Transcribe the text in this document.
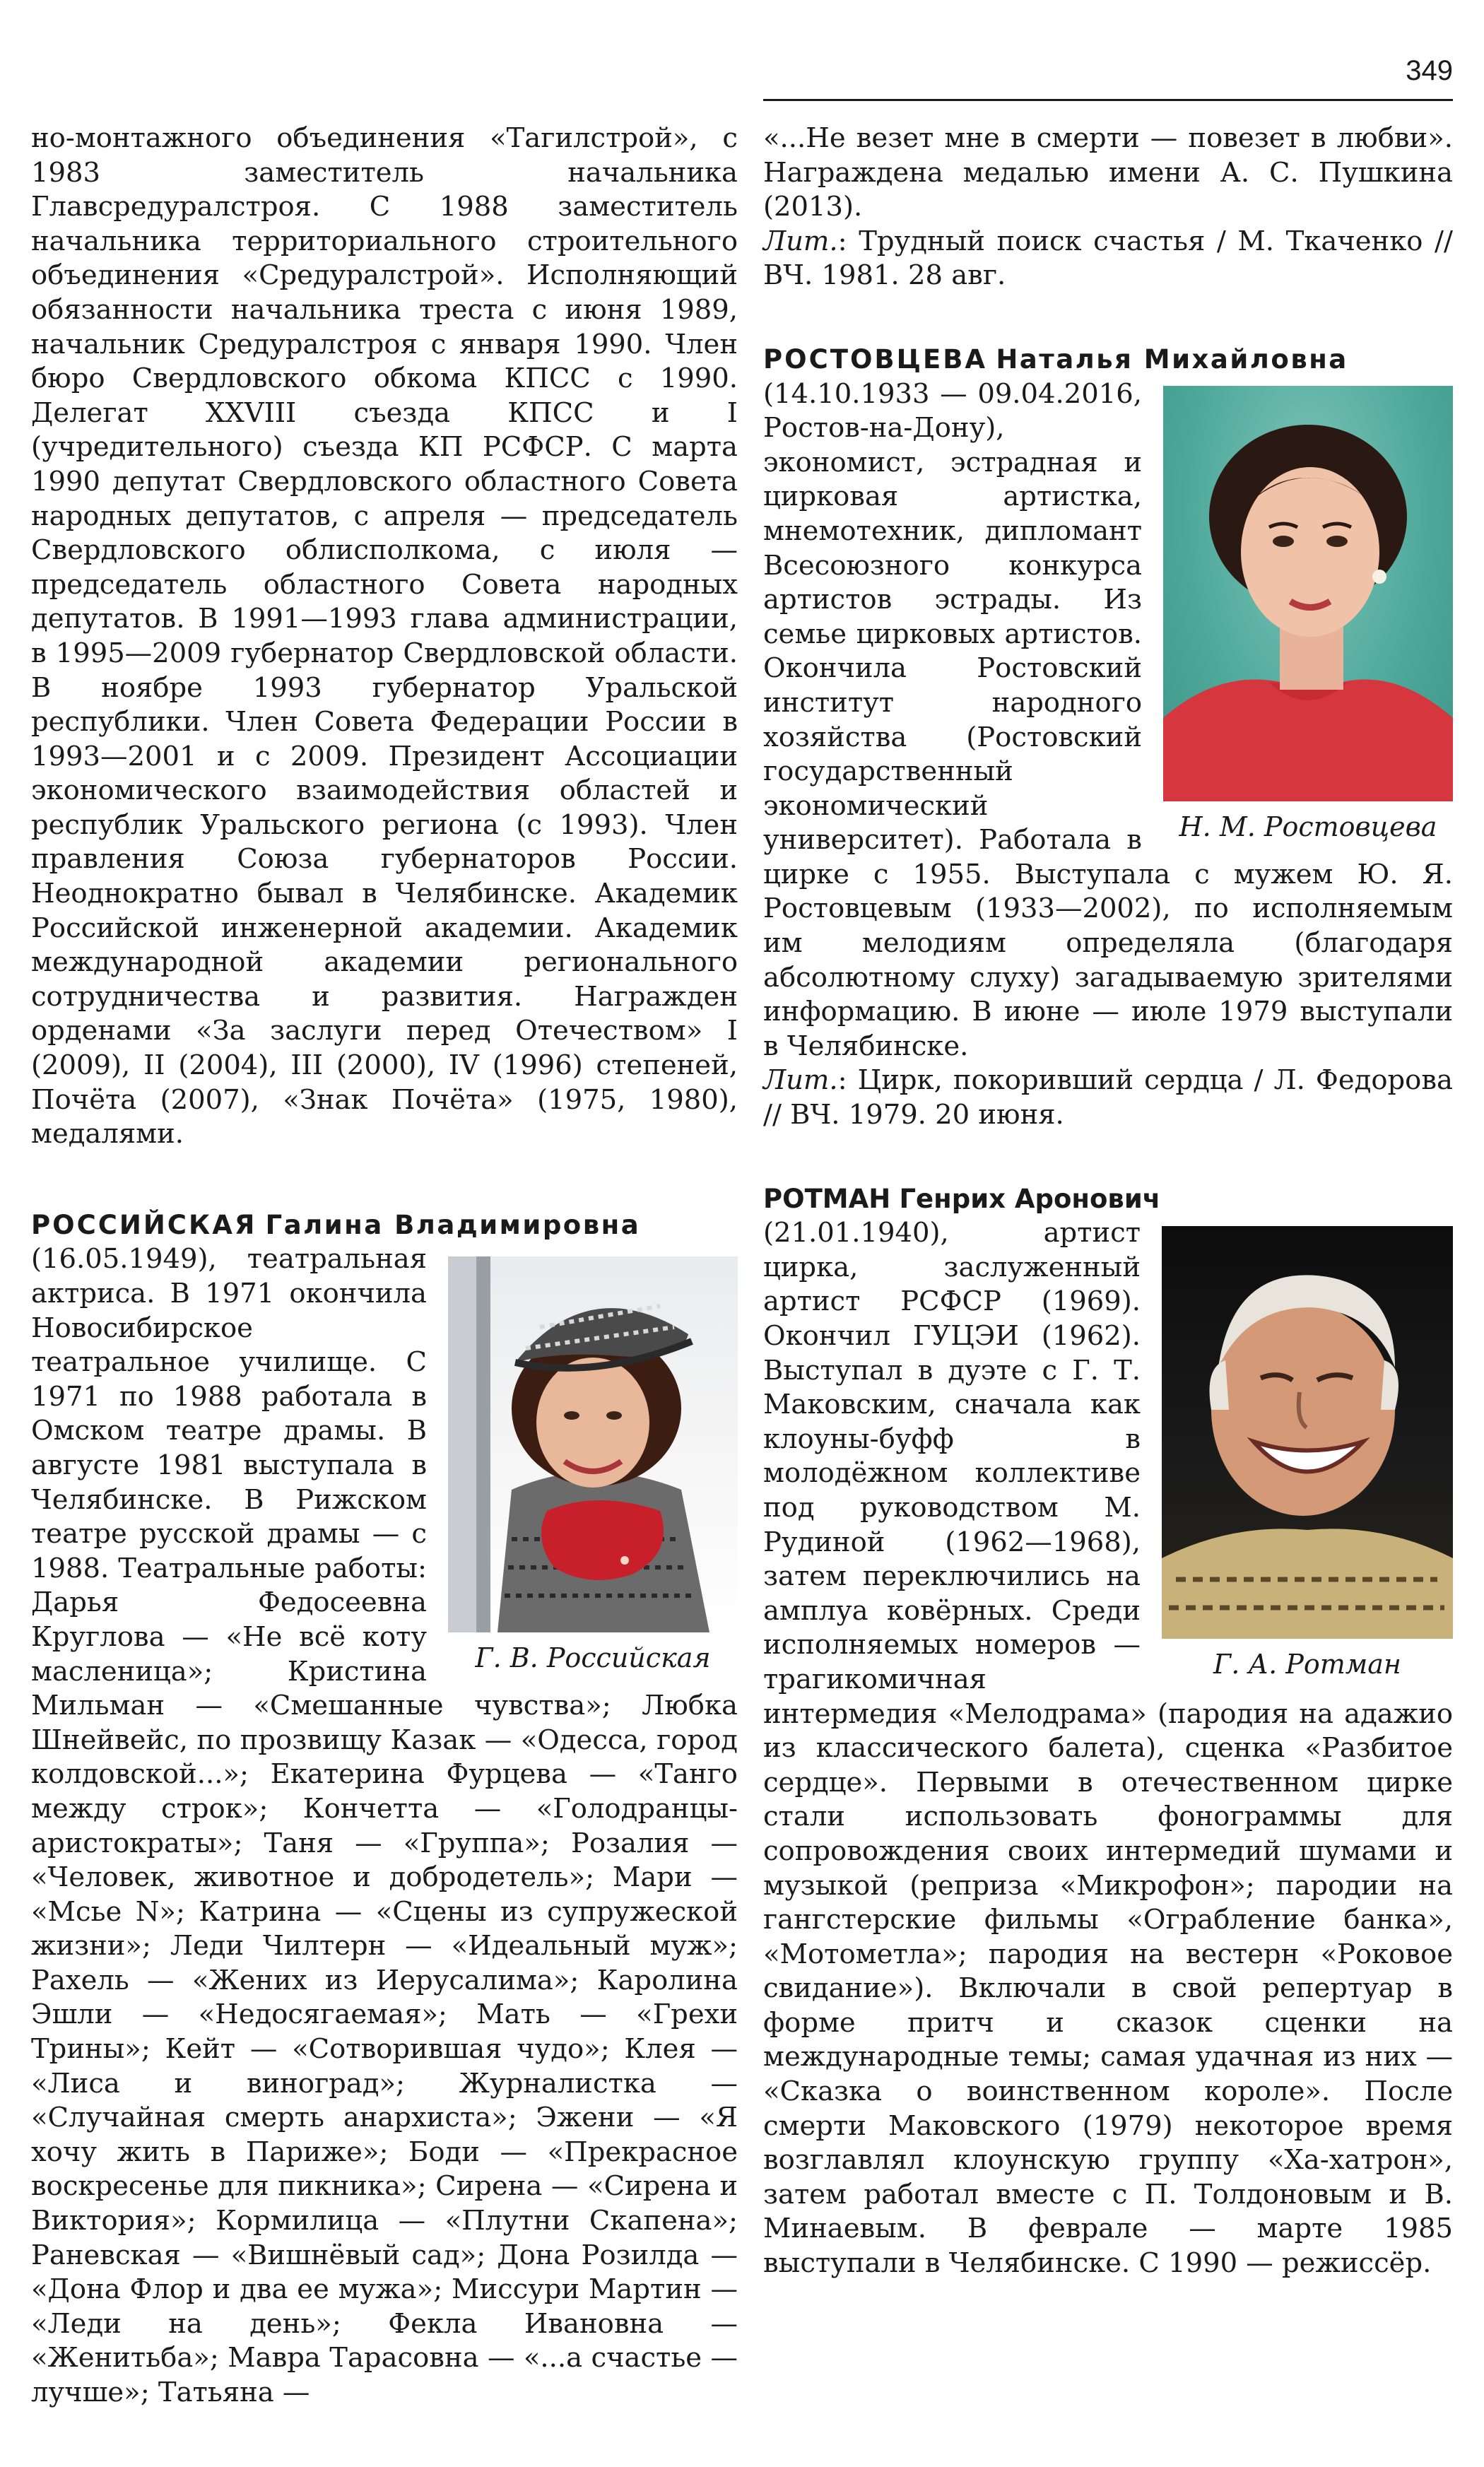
349

но-монтажного объединения «Тагилстрой», с 1983 заместитель начальника Главсредуралстроя. С 1988 заместитель начальника территориального строительного объединения «Средуралстрой». Исполняющий обязанности начальника треста с июня 1989, начальник Средуралстроя с января 1990. Член бюро Свердловского обкома КПСС с 1990. Делегат XXVIII съезда КПСС и I (учредительного) съезда КП РСФСР. С марта 1990 депутат Свердловского областного Совета народных депутатов, с апреля — председатель Свердловского облисполкома, с июля — председатель областного Совета народных депутатов. В 1991—1993 глава администрации, в 1995—2009 губернатор Свердловской области. В ноябре 1993 губернатор Уральской республики. Член Совета Федерации России в 1993—2001 и с 2009. Президент Ассоциации экономического взаимодействия областей и республик Уральского региона (с 1993). Член правления Союза губернаторов России. Неоднократно бывал в Челябинске. Академик Российской инженерной академии. Академик международной академии регионального сотрудничества и развития. Награжден орденами «За заслуги перед Отечеством» I (2009), II (2004), III (2000), IV (1996) степеней, Почёта (2007), «Знак Почёта» (1975, 1980), медалями.

РОССИЙСКАЯ Галина Владимировна

Г. В. Российская
(16.05.1949), театральная актриса. В 1971 окончила Новосибирское театральное училище. С 1971 по 1988 работала в Омском театре драмы. В августе 1981 выступала в Челябинске. В Рижском театре русской драмы — с 1988. Театральные работы: Дарья Федосеевна Круглова — «Не всё коту масленица»; Кристина Мильман — «Смешанные чувства»; Любка Шнейвейс, по прозвищу Казак — «Одесса, город колдовской...»; Екатерина Фурцева — «Танго между строк»; Кончетта — «Голодранцы-аристократы»; Таня — «Группа»; Розалия — «Человек, животное и добродетель»; Мари — «Мсье N»; Катрина — «Сцены из супружеской жизни»; Леди Чилтерн — «Идеальный муж»; Рахель — «Жених из Иерусалима»; Каролина Эшли — «Недосягаемая»; Мать — «Грехи Трины»; Кейт — «Сотворившая чудо»; Клея — «Лиса и виноград»; Журналистка — «Случайная смерть анархиста»; Эжени — «Я хочу жить в Париже»; Боди — «Прекрасное воскресенье для пикника»; Сирена — «Сирена и Виктория»; Кормилица — «Плутни Скапена»; Раневская — «Вишнёвый сад»; Дона Розилда — «Дона Флор и два ее мужа»; Миссури Мартин — «Леди на день»; Фекла Ивановна — «Женитьба»; Мавра Тарасовна — «...а счастье — лучше»; Татьяна —

«...Не везет мне в смерти — повезет в любви». Награждена медалью имени А. С. Пушкина (2013).

Лит.: Трудный поиск счастья / М. Ткаченко // ВЧ. 1981. 28 авг.

РОСТОВЦЕВА Наталья Михайловна

Н. М. Ростовцева
(14.10.1933 — 09.04.2016, Ростов-на-Дону), экономист, эстрадная и цирковая артистка, мнемотехник, дипломант Всесоюзного конкурса артистов эстрады. Из семье цирковых артистов. Окончила Ростовский институт народного хозяйства (Ростовский государственный экономический университет). Работала в цирке с 1955. Выступала с мужем Ю. Я. Ростовцевым (1933—2002), по исполняемым им мелодиям определяла (благодаря абсолютному слуху) загадываемую зрителями информацию. В июне — июле 1979 выступали в Челябинске.

Лит.: Цирк, покоривший сердца / Л. Федорова // ВЧ. 1979. 20 июня.

РОТМАН Генрих Аронович

Г. А. Ротман
(21.01.1940), артист цирка, заслуженный артист РСФСР (1969). Окончил ГУЦЭИ (1962). Выступал в дуэте с Г. Т. Маковским, сначала как клоуны-буфф в молодёжном коллективе под руководством М. Рудиной (1962—1968), затем переключились на амплуа ковёрных. Среди исполняемых номеров — трагикомичная интермедия «Мелодрама» (пародия на адажио из классического балета), сценка «Разбитое сердце». Первыми в отечественном цирке стали использовать фонограммы для сопровождения своих интермедий шумами и музыкой (реприза «Микрофон»; пародии на гангстерские фильмы «Ограбление банка», «Мотометла»; пародия на вестерн «Роковое свидание»). Включали в свой репертуар в форме притч и сказок сценки на международные темы; самая удачная из них — «Сказка о воинственном короле». После смерти Маковского (1979) некоторое время возглавлял клоунскую группу «Ха-хатрон», затем работал вместе с П. Толдоновым и В. Минаевым. В феврале — марте 1985 выступали в Челябинске. С 1990 — режиссёр.
